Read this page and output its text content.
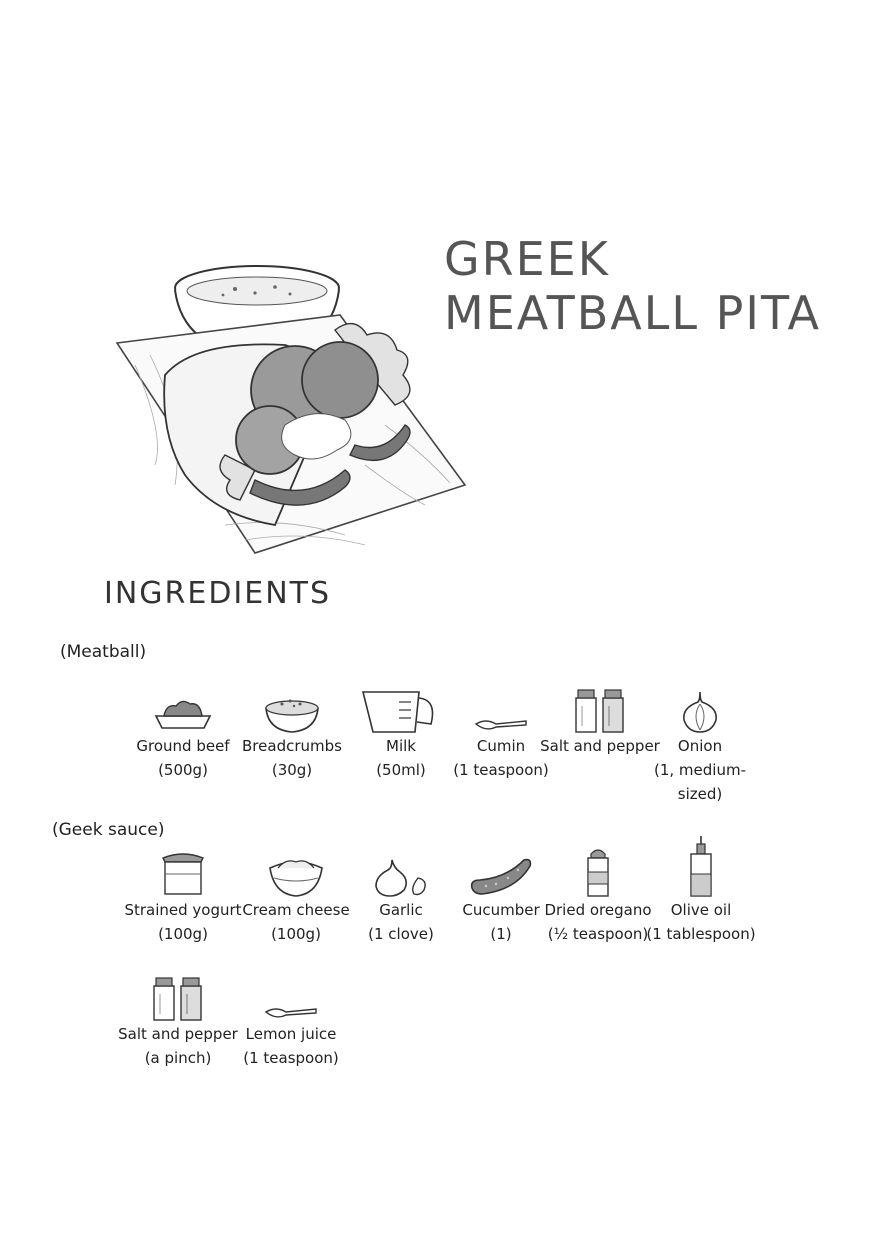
GREEK
MEATBALL PITA
INGREDIENTS
(Meatball)
(Geek sauce)
Ground beef
(500g)
Breadcrumbs
(30g)
Milk
(50ml)
Cumin
(1 teaspoon)
Salt and pepper	Onion
(1, medium-sized)
Strained yogurt
(100g)
Cream cheese
(100g)
Garlic
(1 clove)
Cucumber
(1)
Dried oregano
(½ teaspoon)
Olive oil
(1 tablespoon)
Salt and pepper
(a pinch)
Lemon juice
(1 teaspoon)
